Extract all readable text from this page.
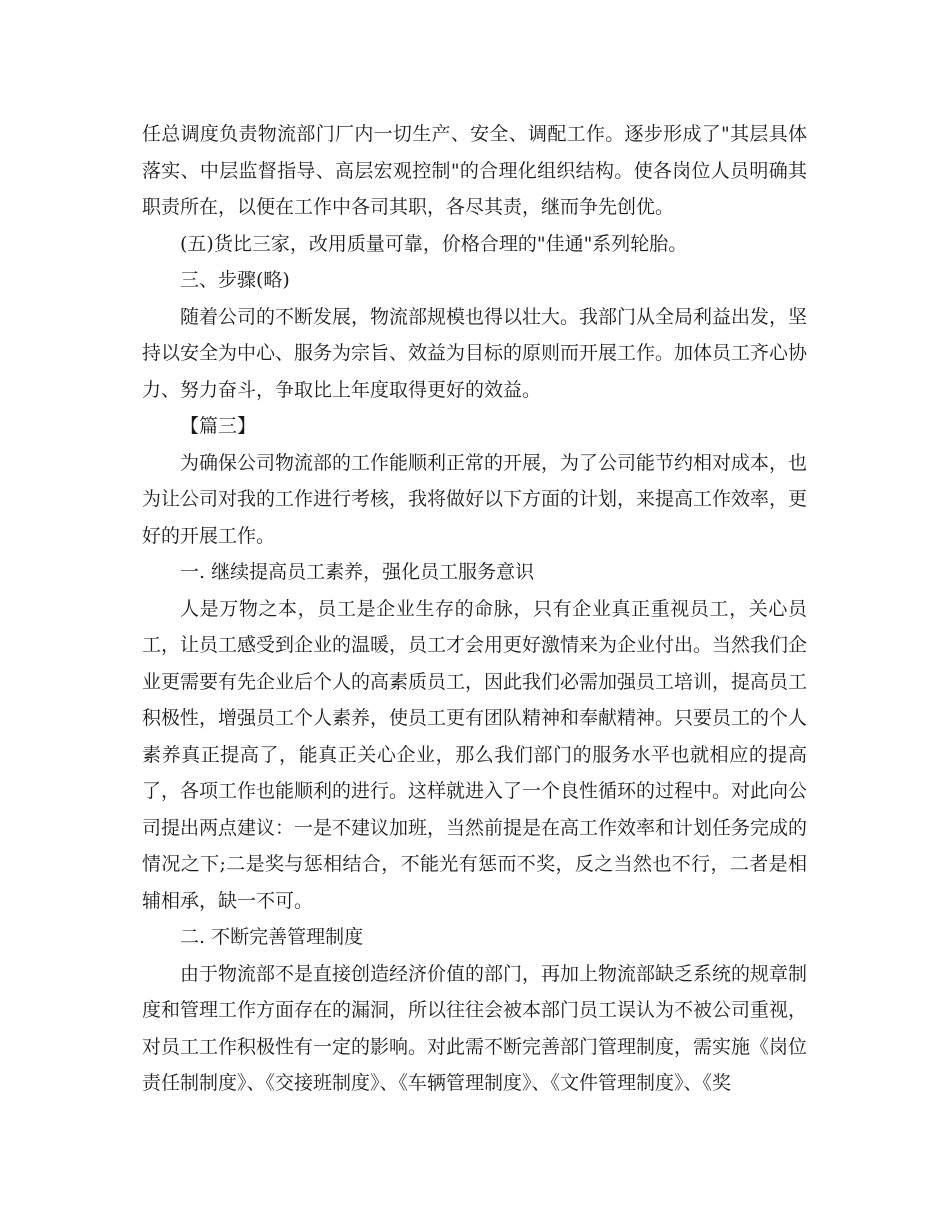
任总调度负责物流部门厂内一切生产、安全、调配工作。逐步形成了"其层具体落实、中层监督指导、高层宏观控制"的合理化组织结构。使各岗位人员明确其职责所在，以便在工作中各司其职，各尽其责，继而争先创优。

(五)货比三家，改用质量可靠，价格合理的"佳通"系列轮胎。

三、步骤(略)

随着公司的不断发展，物流部规模也得以壮大。我部门从全局利益出发，坚持以安全为中心、服务为宗旨、效益为目标的原则而开展工作。加体员工齐心协力、努力奋斗，争取比上年度取得更好的效益。

【篇三】

为确保公司物流部的工作能顺利正常的开展，为了公司能节约相对成本，也为让公司对我的工作进行考核，我将做好以下方面的计划，来提高工作效率，更好的开展工作。

一. 继续提高员工素养，强化员工服务意识

人是万物之本，员工是企业生存的命脉，只有企业真正重视员工，关心员工，让员工感受到企业的温暖，员工才会用更好激情来为企业付出。当然我们企业更需要有先企业后个人的高素质员工，因此我们必需加强员工培训，提高员工积极性，增强员工个人素养，使员工更有团队精神和奉献精神。只要员工的个人素养真正提高了，能真正关心企业，那么我们部门的服务水平也就相应的提高了，各项工作也能顺利的进行。这样就进入了一个良性循环的过程中。对此向公司提出两点建议：一是不建议加班，当然前提是在高工作效率和计划任务完成的情况之下;二是奖与惩相结合，不能光有惩而不奖，反之当然也不行，二者是相辅相承，缺一不可。

二. 不断完善管理制度

由于物流部不是直接创造经济价值的部门，再加上物流部缺乏系统的规章制度和管理工作方面存在的漏洞，所以往往会被本部门员工误认为不被公司重视，对员工工作积极性有一定的影响。对此需不断完善部门管理制度，需实施《岗位责任制制度》、《交接班制度》、《车辆管理制度》、《文件管理制度》、《奖
